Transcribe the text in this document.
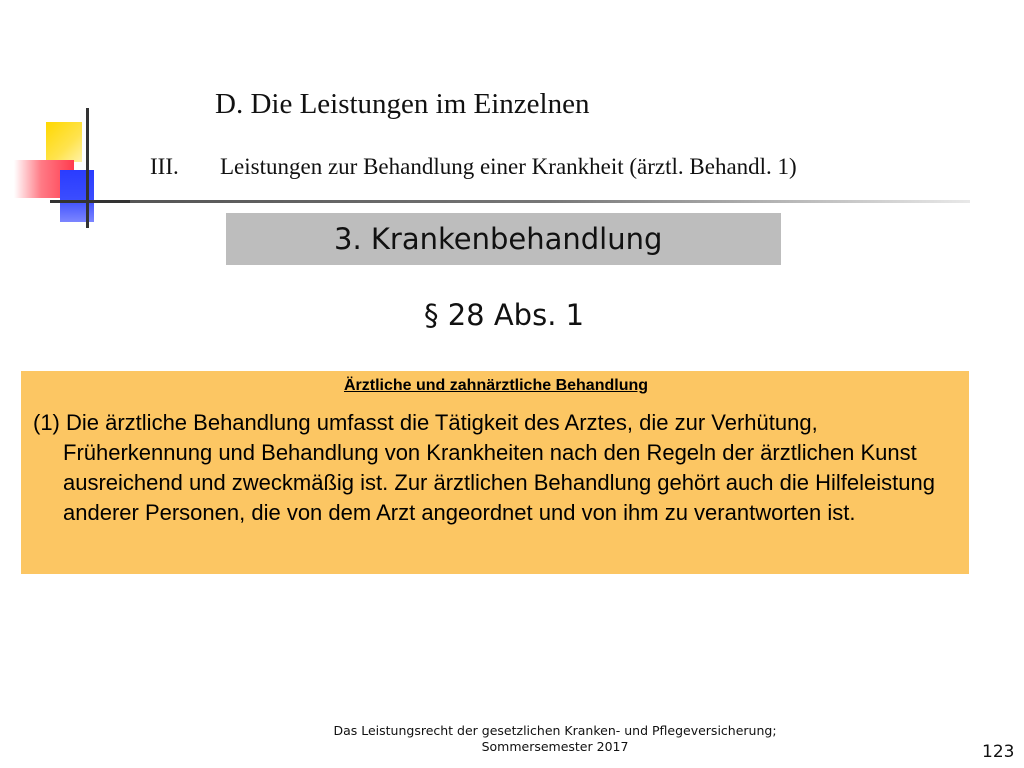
D. Die Leistungen im Einzelnen
III. Leistungen zur Behandlung einer Krankheit (ärztl. Behandl. 1)
3. Krankenbehandlung
§ 28 Abs. 1
Ärztliche und zahnärztliche Behandlung
(1) Die ärztliche Behandlung umfasst die Tätigkeit des Arztes, die zur Verhütung, Früherkennung und Behandlung von Krankheiten nach den Regeln der ärztlichen Kunst ausreichend und zweckmäßig ist. Zur ärztlichen Behandlung gehört auch die Hilfeleistung anderer Personen, die von dem Arzt angeordnet und von ihm zu verantworten ist.
Das Leistungsrecht der gesetzlichen Kranken- und Pflegeversicherung;
Sommersemester 2017	123
